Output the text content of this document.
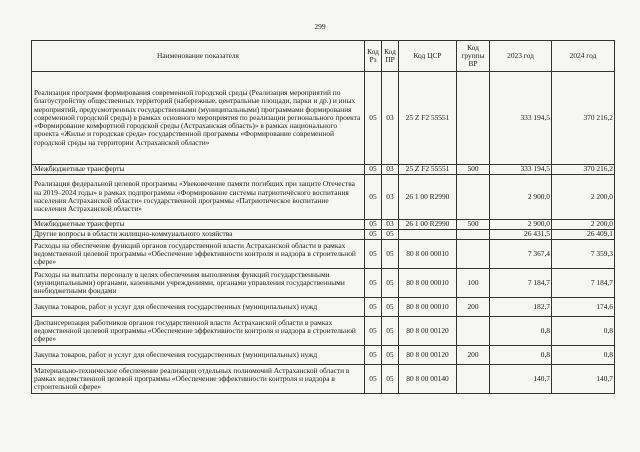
299
Наименование показателя	Код Рз	Код ПР	Код ЦСР	Код группы ВР	2023 год	2024 год
Реализация программ формирования современной городской среды (Реализация мероприятий по благоустройству общественных территорий (набережные, центральные площади, парки и др.) и иных мероприятий, предусмотренных государственными (муниципальными) программами формирования современной городской среды) в рамках основного мероприятия по реализации регионального проекта «Формирование комфортной городской среды (Астраханская область)» в рамках национального проекта «Жилье и городская среда» государственной программы «Формирование современной городской среды на территории Астраханской области»	05	03	25 Z F2 55551		333 194,5	370 216,2
Межбюджетные трансферты	05	03	25 Z F2 55551	500	333 194,5	370 216,2
Реализация федеральной целевой программы «Увековечение памяти погибших при защите Отечества на 2019–2024 годы» в рамках подпрограммы «Формирование системы патриотического воспитания населения Астраханской области» государственной программы «Патриотическое воспитание населения Астраханской области»	05	03	26 1 00 R2990		2 900,0	2 200,0
Межбюджетные трансферты	05	03	26 1 00 R2990	500	2 900,0	2 200,0
Другие вопросы в области жилищно-коммунального хозяйства	05	05			26 431,5	26 409,1
Расходы на обеспечение функций органов государственной власти Астраханской области в рамках ведомственной целевой программы «Обеспечение эффективности контроля и надзора в строительной сфере»	05	05	80 8 00 00010		7 367,4	7 359,3
Расходы на выплаты персоналу в целях обеспечения выполнения функций государственными (муниципальными) органами, казенными учреждениями, органами управления государственными внебюджетными фондами	05	05	80 8 00 00010	100	7 184,7	7 184,7
Закупка товаров, работ и услуг для обеспечения государственных (муниципальных) нужд	05	05	80 8 00 00010	200	182,7	174,6
Диспансеризация работников органов государственной власти Астраханской области в рамках ведомственной целевой программы «Обеспечение эффективности контроля и надзора в строительной сфере»	05	05	80 8 00 00120		0,8	0,8
Закупка товаров, работ и услуг для обеспечения государственных (муниципальных) нужд	05	05	80 8 00 00120	200	0,8	0,8
Материально-техническое обеспечение реализации отдельных полномочий Астраханской области в рамках ведомственной целевой программы «Обеспечение эффективности контроля и надзора в строительной сфере»	05	05	80 8 00 00140		140,7	140,7
